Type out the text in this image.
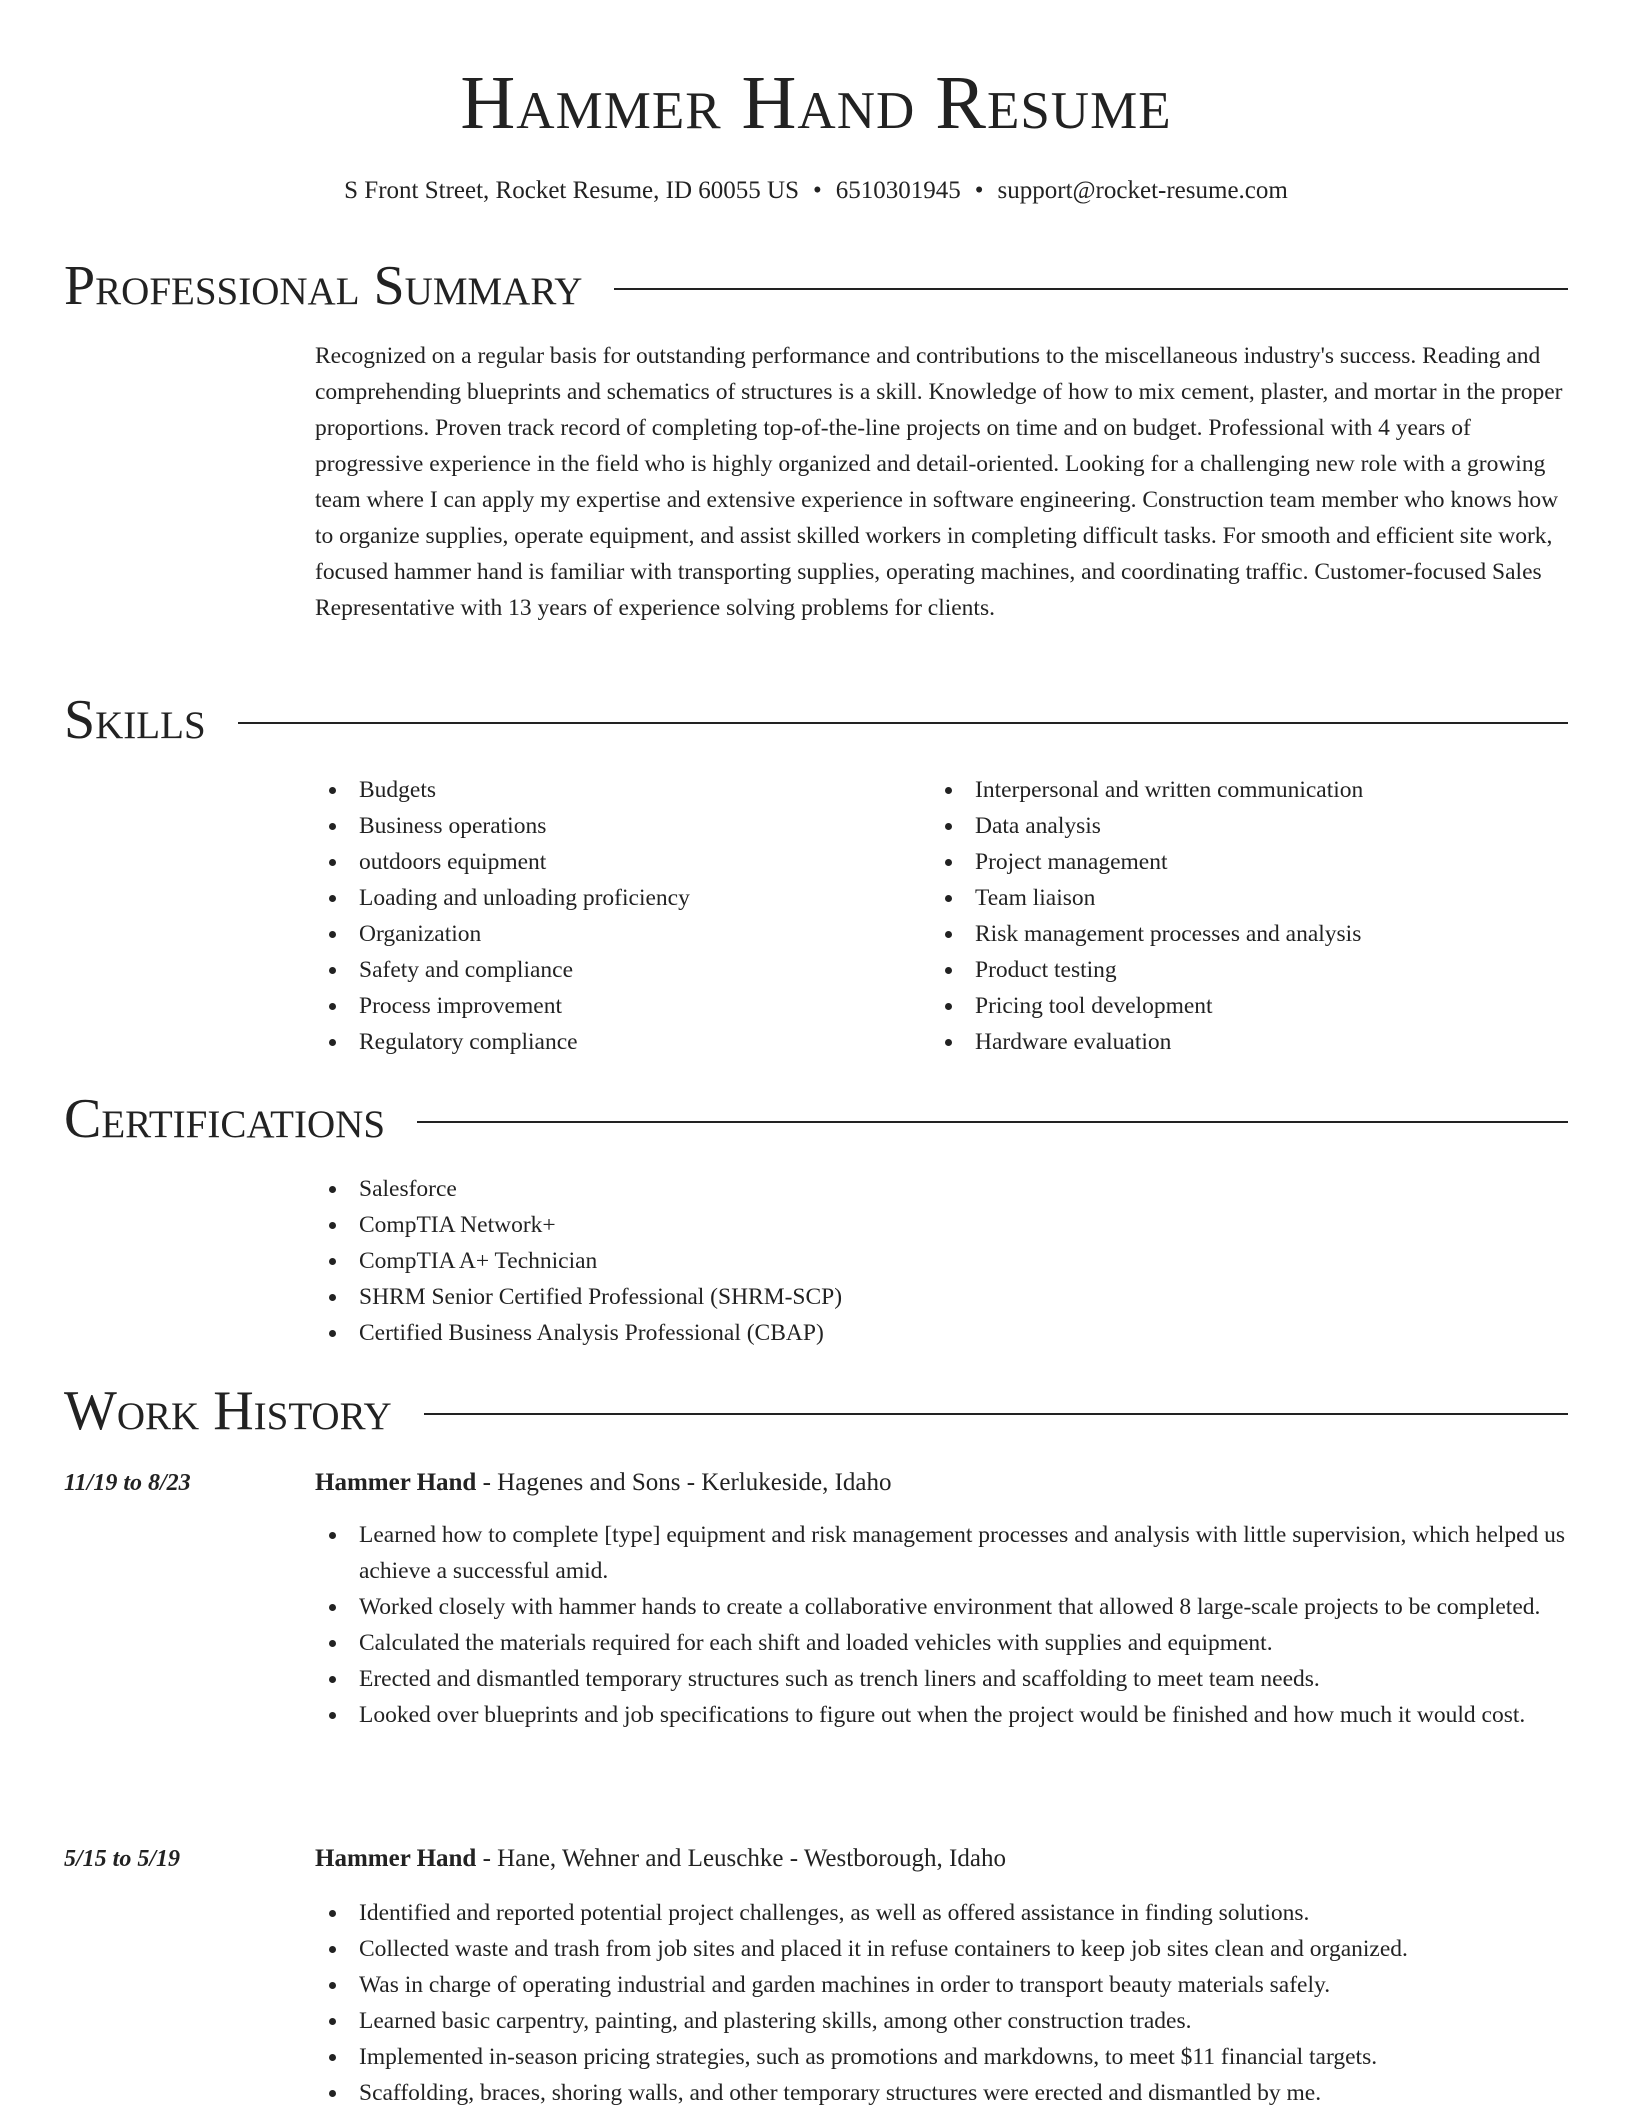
Hammer Hand Resume
S Front Street, Rocket Resume, ID 60055 US • 6510301945 • support@rocket-resume.com
Professional Summary

Recognized on a regular basis for outstanding performance and contributions to the miscellaneous industry's success. Reading and comprehending blueprints and schematics of structures is a skill. Knowledge of how to mix cement, plaster, and mortar in the proper proportions. Proven track record of completing top-of-the-line projects on time and on budget. Professional with 4 years of progressive experience in the field who is highly organized and detail-oriented. Looking for a challenging new role with a growing team where I can apply my expertise and extensive experience in software engineering. Construction team member who knows how to organize supplies, operate equipment, and assist skilled workers in completing difficult tasks. For smooth and efficient site work, focused hammer hand is familiar with transporting supplies, operating machines, and coordinating traffic. Customer-focused Sales Representative with 13 years of experience solving problems for clients.

Skills
Budgets
Business operations
outdoors equipment
Loading and unloading proficiency
Organization
Safety and compliance
Process improvement
Regulatory compliance
Interpersonal and written communication
Data analysis
Project management
Team liaison
Risk management processes and analysis
Product testing
Pricing tool development
Hardware evaluation
Certifications
Salesforce
CompTIA Network+
CompTIA A+ Technician
SHRM Senior Certified Professional (SHRM-SCP)
Certified Business Analysis Professional (CBAP)
Work History
11/19 to 8/23	Hammer Hand - Hagenes and Sons - Kerlukeside, Idaho
Learned how to complete [type] equipment and risk management processes and analysis with little supervision, which helped us achieve a successful amid.
Worked closely with hammer hands to create a collaborative environment that allowed 8 large-scale projects to be completed.
Calculated the materials required for each shift and loaded vehicles with supplies and equipment.
Erected and dismantled temporary structures such as trench liners and scaffolding to meet team needs.
Looked over blueprints and job specifications to figure out when the project would be finished and how much it would cost.
5/15 to 5/19	Hammer Hand - Hane, Wehner and Leuschke - Westborough, Idaho
Identified and reported potential project challenges, as well as offered assistance in finding solutions.
Collected waste and trash from job sites and placed it in refuse containers to keep job sites clean and organized.
Was in charge of operating industrial and garden machines in order to transport beauty materials safely.
Learned basic carpentry, painting, and plastering skills, among other construction trades.
Implemented in-season pricing strategies, such as promotions and markdowns, to meet $11 financial targets.
Scaffolding, braces, shoring walls, and other temporary structures were erected and dismantled by me.
